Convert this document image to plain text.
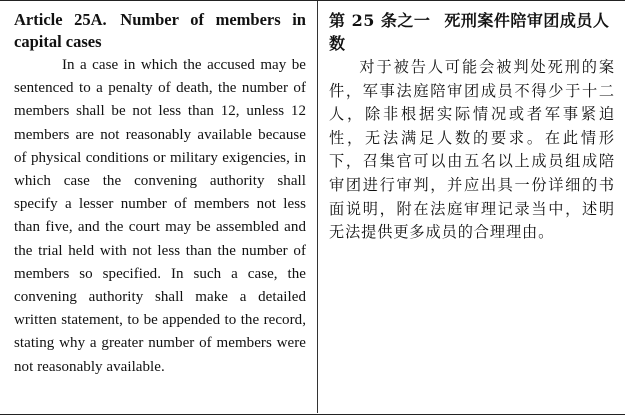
Article 25A. Number of members in capital cases

In a case in which the accused may be sentenced to a penalty of death, the number of members shall be not less than 12, unless 12 members are not reasonably available because of physical conditions or military exigencies, in which case the convening authority shall specify a lesser number of members not less than five, and the court may be assembled and the trial held with not less than the number of members so specified. In such a case, the convening authority shall make a detailed written statement, to be appended to the record, stating why a greater number of members were not reasonably available.

第 25 条之一 死刑案件陪审团成员人数

对于被告人可能会被判处死刑的案件，军事法庭陪审团成员不得少于十二人，除非根据实际情况或者军事紧迫性，无法满足人数的要求。在此情形下，召集官可以由五名以上成员组成陪审团进行审判，并应出具一份详细的书面说明，附在法庭审理记录当中，述明无法提供更多成员的合理理由。
